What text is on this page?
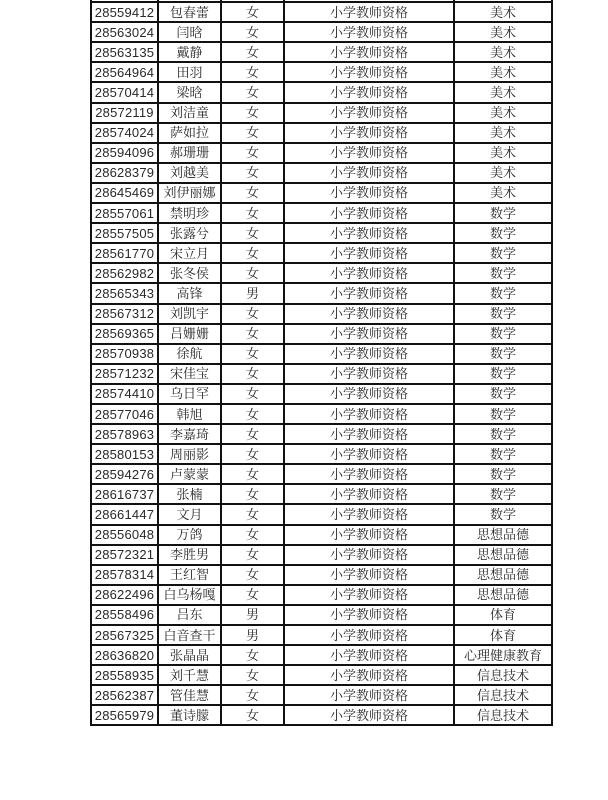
28559412	包春蕾	女	小学教师资格	美术
28563024	闫晗	女	小学教师资格	美术
28563135	戴静	女	小学教师资格	美术
28564964	田羽	女	小学教师资格	美术
28570414	梁晗	女	小学教师资格	美术
28572119	刘洁童	女	小学教师资格	美术
28574024	萨如拉	女	小学教师资格	美术
28594096	郝珊珊	女	小学教师资格	美术
28628379	刘越美	女	小学教师资格	美术
28645469	刘伊丽娜	女	小学教师资格	美术
28557061	禁明珍	女	小学教师资格	数学
28557505	张露兮	女	小学教师资格	数学
28561770	宋立月	女	小学教师资格	数学
28562982	张冬侯	女	小学教师资格	数学
28565343	高锋	男	小学教师资格	数学
28567312	刘凯宇	女	小学教师资格	数学
28569365	吕姗姗	女	小学教师资格	数学
28570938	徐航	女	小学教师资格	数学
28571232	宋佳宝	女	小学教师资格	数学
28574410	乌日罕	女	小学教师资格	数学
28577046	韩旭	女	小学教师资格	数学
28578963	李嘉琦	女	小学教师资格	数学
28580153	周丽影	女	小学教师资格	数学
28594276	卢蒙蒙	女	小学教师资格	数学
28616737	张楠	女	小学教师资格	数学
28661447	文月	女	小学教师资格	数学
28556048	万鸽	女	小学教师资格	思想品德
28572321	李胜男	女	小学教师资格	思想品德
28578314	王红智	女	小学教师资格	思想品德
28622496	白乌杨嘎	女	小学教师资格	思想品德
28558496	吕东	男	小学教师资格	体育
28567325	白音查干	男	小学教师资格	体育
28636820	张晶晶	女	小学教师资格	心理健康教育
28558935	刘千慧	女	小学教师资格	信息技术
28562387	管佳慧	女	小学教师资格	信息技术
28565979	董诗朦	女	小学教师资格	信息技术
